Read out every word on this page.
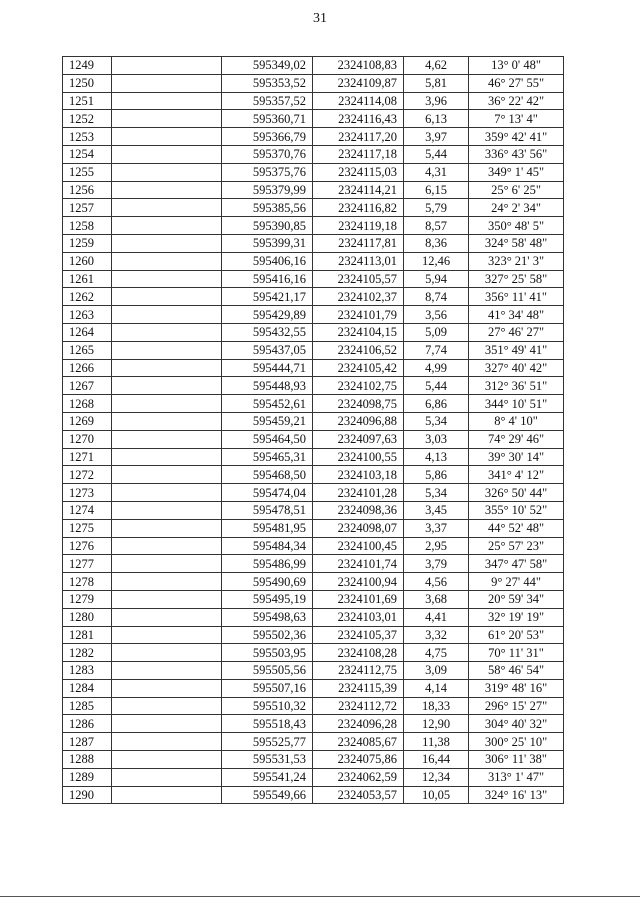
31
1249		595349,02	2324108,83	4,62	13° 0' 48"
1250		595353,52	2324109,87	5,81	46° 27' 55"
1251		595357,52	2324114,08	3,96	36° 22' 42"
1252		595360,71	2324116,43	6,13	7° 13' 4"
1253		595366,79	2324117,20	3,97	359° 42' 41"
1254		595370,76	2324117,18	5,44	336° 43' 56"
1255		595375,76	2324115,03	4,31	349° 1' 45"
1256		595379,99	2324114,21	6,15	25° 6' 25"
1257		595385,56	2324116,82	5,79	24° 2' 34"
1258		595390,85	2324119,18	8,57	350° 48' 5"
1259		595399,31	2324117,81	8,36	324° 58' 48"
1260		595406,16	2324113,01	12,46	323° 21' 3"
1261		595416,16	2324105,57	5,94	327° 25' 58"
1262		595421,17	2324102,37	8,74	356° 11' 41"
1263		595429,89	2324101,79	3,56	41° 34' 48"
1264		595432,55	2324104,15	5,09	27° 46' 27"
1265		595437,05	2324106,52	7,74	351° 49' 41"
1266		595444,71	2324105,42	4,99	327° 40' 42"
1267		595448,93	2324102,75	5,44	312° 36' 51"
1268		595452,61	2324098,75	6,86	344° 10' 51"
1269		595459,21	2324096,88	5,34	8° 4' 10"
1270		595464,50	2324097,63	3,03	74° 29' 46"
1271		595465,31	2324100,55	4,13	39° 30' 14"
1272		595468,50	2324103,18	5,86	341° 4' 12"
1273		595474,04	2324101,28	5,34	326° 50' 44"
1274		595478,51	2324098,36	3,45	355° 10' 52"
1275		595481,95	2324098,07	3,37	44° 52' 48"
1276		595484,34	2324100,45	2,95	25° 57' 23"
1277		595486,99	2324101,74	3,79	347° 47' 58"
1278		595490,69	2324100,94	4,56	9° 27' 44"
1279		595495,19	2324101,69	3,68	20° 59' 34"
1280		595498,63	2324103,01	4,41	32° 19' 19"
1281		595502,36	2324105,37	3,32	61° 20' 53"
1282		595503,95	2324108,28	4,75	70° 11' 31"
1283		595505,56	2324112,75	3,09	58° 46' 54"
1284		595507,16	2324115,39	4,14	319° 48' 16"
1285		595510,32	2324112,72	18,33	296° 15' 27"
1286		595518,43	2324096,28	12,90	304° 40' 32"
1287		595525,77	2324085,67	11,38	300° 25' 10"
1288		595531,53	2324075,86	16,44	306° 11' 38"
1289		595541,24	2324062,59	12,34	313° 1' 47"
1290		595549,66	2324053,57	10,05	324° 16' 13"
